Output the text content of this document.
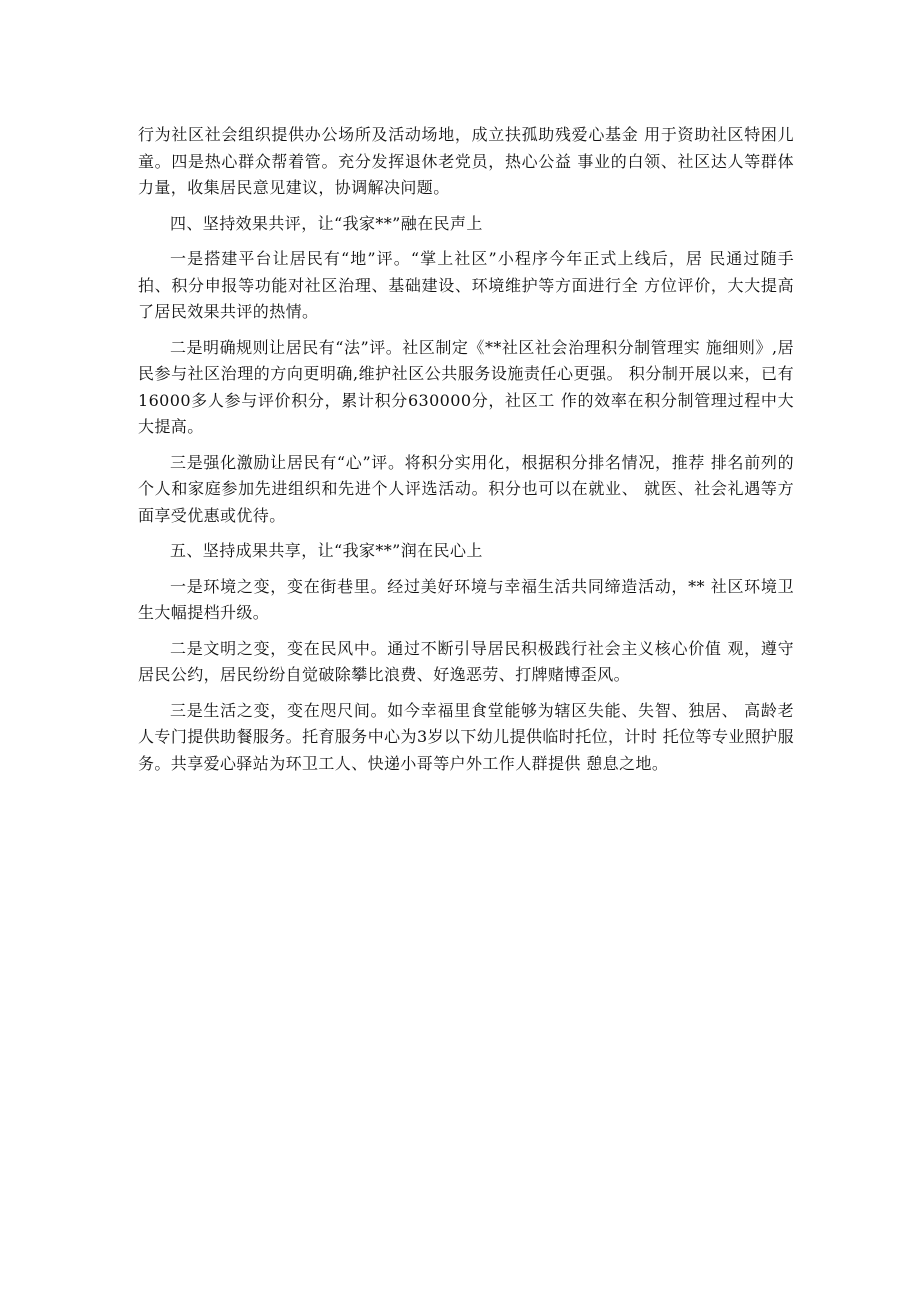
行为社区社会组织提供办公场所及活动场地，成立扶孤助残爱心基金 用于资助社区特困儿童。四是热心群众帮着管。充分发挥退休老党员，热心公益 事业的白领、社区达人等群体力量，收集居民意见建议，协调解决问题。

四、坚持效果共评，让“我家**”融在民声上

一是搭建平台让居民有“地”评。“掌上社区”小程序今年正式上线后，居 民通过随手拍、积分申报等功能对社区治理、基础建设、环境维护等方面进行全 方位评价，大大提高了居民效果共评的热情。

二是明确规则让居民有“法”评。社区制定《**社区社会治理积分制管理实 施细则》,居民参与社区治理的方向更明确,维护社区公共服务设施责任心更强。 积分制开展以来，已有16000多人参与评价积分，累计积分630000分，社区工 作的效率在积分制管理过程中大大提高。

三是强化激励让居民有“心”评。将积分实用化，根据积分排名情况，推荐 排名前列的个人和家庭参加先进组织和先进个人评选活动。积分也可以在就业、 就医、社会礼遇等方面享受优惠或优待。

五、坚持成果共享，让“我家**”润在民心上

一是环境之变，变在街巷里。经过美好环境与幸福生活共同缔造活动，** 社区环境卫生大幅提档升级。

二是文明之变，变在民风中。通过不断引导居民积极践行社会主义核心价值 观，遵守居民公约，居民纷纷自觉破除攀比浪费、好逸恶劳、打牌赌博歪风。

三是生活之变，变在咫尺间。如今幸福里食堂能够为辖区失能、失智、独居、 高龄老人专门提供助餐服务。托育服务中心为3岁以下幼儿提供临时托位，计时 托位等专业照护服务。共享爱心驿站为环卫工人、快递小哥等户外工作人群提供 憩息之地。
